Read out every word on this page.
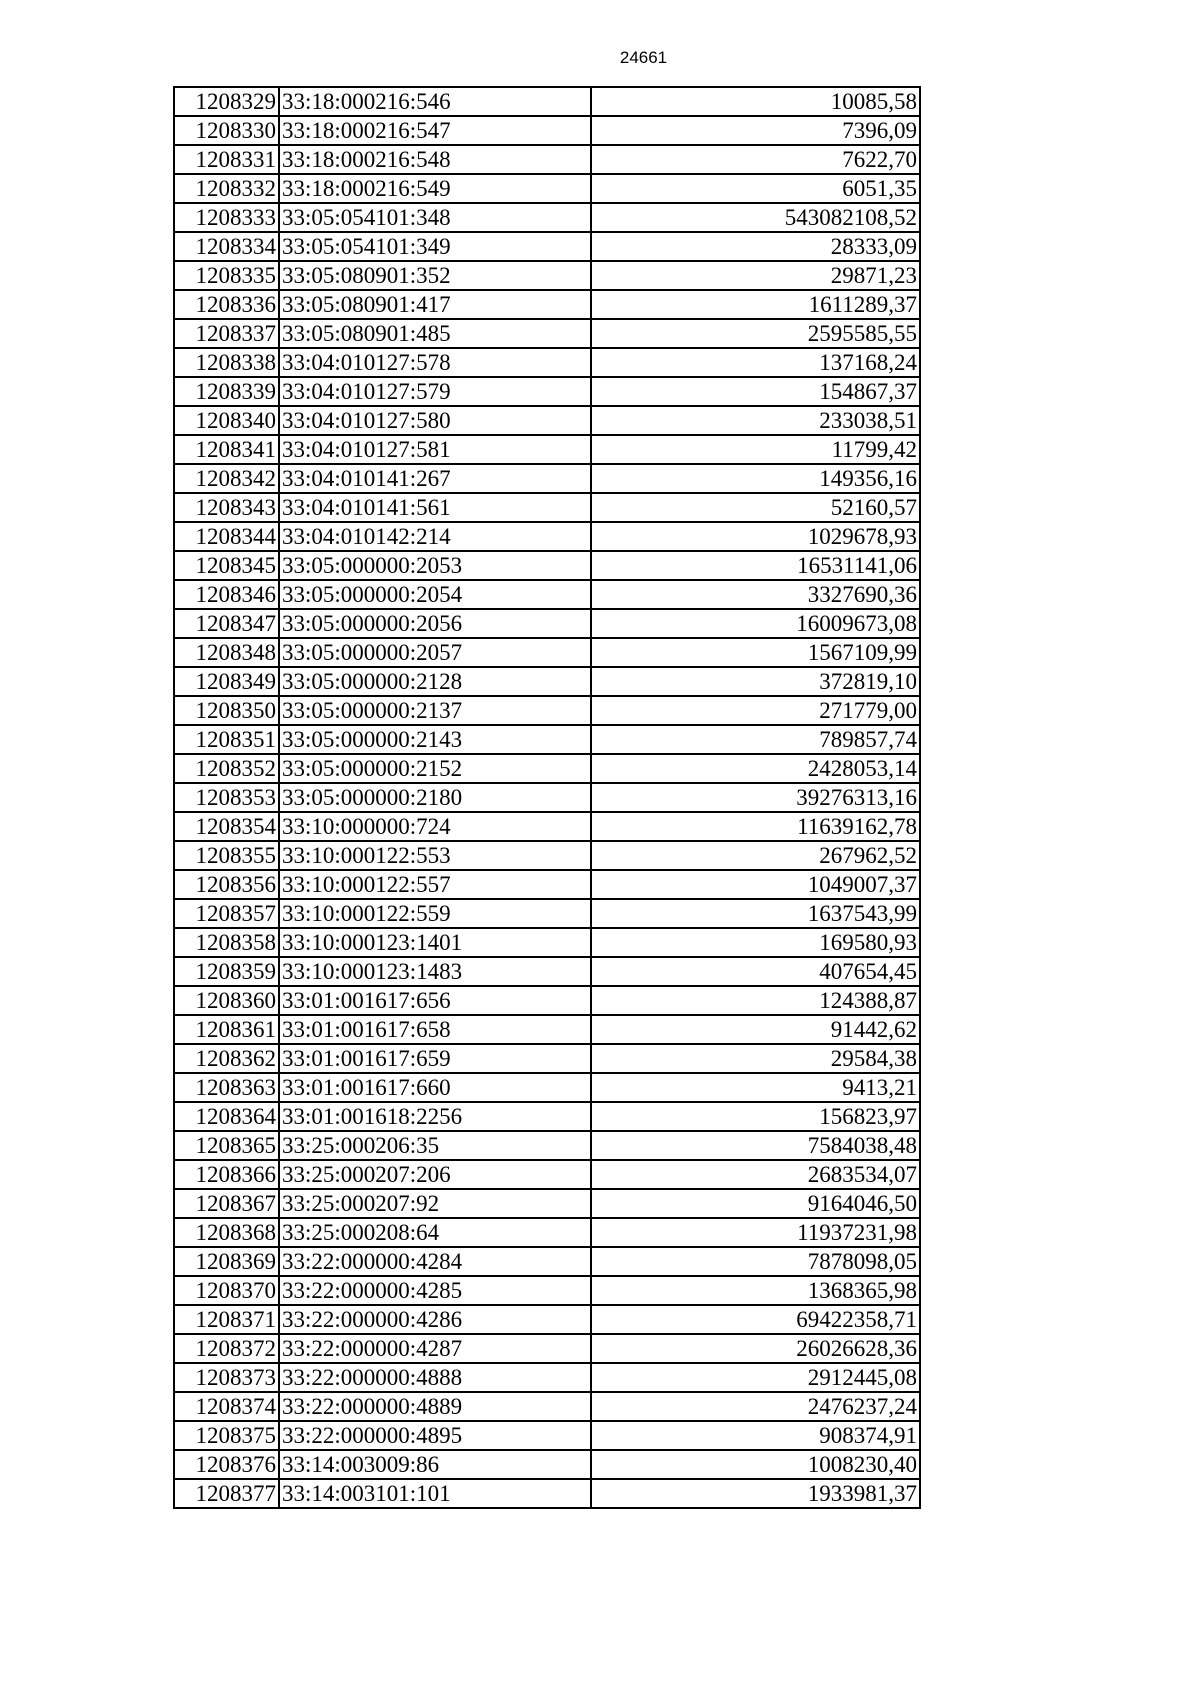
24661
1208329	33:18:000216:546	10085,58
1208330	33:18:000216:547	7396,09
1208331	33:18:000216:548	7622,70
1208332	33:18:000216:549	6051,35
1208333	33:05:054101:348	543082108,52
1208334	33:05:054101:349	28333,09
1208335	33:05:080901:352	29871,23
1208336	33:05:080901:417	1611289,37
1208337	33:05:080901:485	2595585,55
1208338	33:04:010127:578	137168,24
1208339	33:04:010127:579	154867,37
1208340	33:04:010127:580	233038,51
1208341	33:04:010127:581	11799,42
1208342	33:04:010141:267	149356,16
1208343	33:04:010141:561	52160,57
1208344	33:04:010142:214	1029678,93
1208345	33:05:000000:2053	16531141,06
1208346	33:05:000000:2054	3327690,36
1208347	33:05:000000:2056	16009673,08
1208348	33:05:000000:2057	1567109,99
1208349	33:05:000000:2128	372819,10
1208350	33:05:000000:2137	271779,00
1208351	33:05:000000:2143	789857,74
1208352	33:05:000000:2152	2428053,14
1208353	33:05:000000:2180	39276313,16
1208354	33:10:000000:724	11639162,78
1208355	33:10:000122:553	267962,52
1208356	33:10:000122:557	1049007,37
1208357	33:10:000122:559	1637543,99
1208358	33:10:000123:1401	169580,93
1208359	33:10:000123:1483	407654,45
1208360	33:01:001617:656	124388,87
1208361	33:01:001617:658	91442,62
1208362	33:01:001617:659	29584,38
1208363	33:01:001617:660	9413,21
1208364	33:01:001618:2256	156823,97
1208365	33:25:000206:35	7584038,48
1208366	33:25:000207:206	2683534,07
1208367	33:25:000207:92	9164046,50
1208368	33:25:000208:64	11937231,98
1208369	33:22:000000:4284	7878098,05
1208370	33:22:000000:4285	1368365,98
1208371	33:22:000000:4286	69422358,71
1208372	33:22:000000:4287	26026628,36
1208373	33:22:000000:4888	2912445,08
1208374	33:22:000000:4889	2476237,24
1208375	33:22:000000:4895	908374,91
1208376	33:14:003009:86	1008230,40
1208377	33:14:003101:101	1933981,37
